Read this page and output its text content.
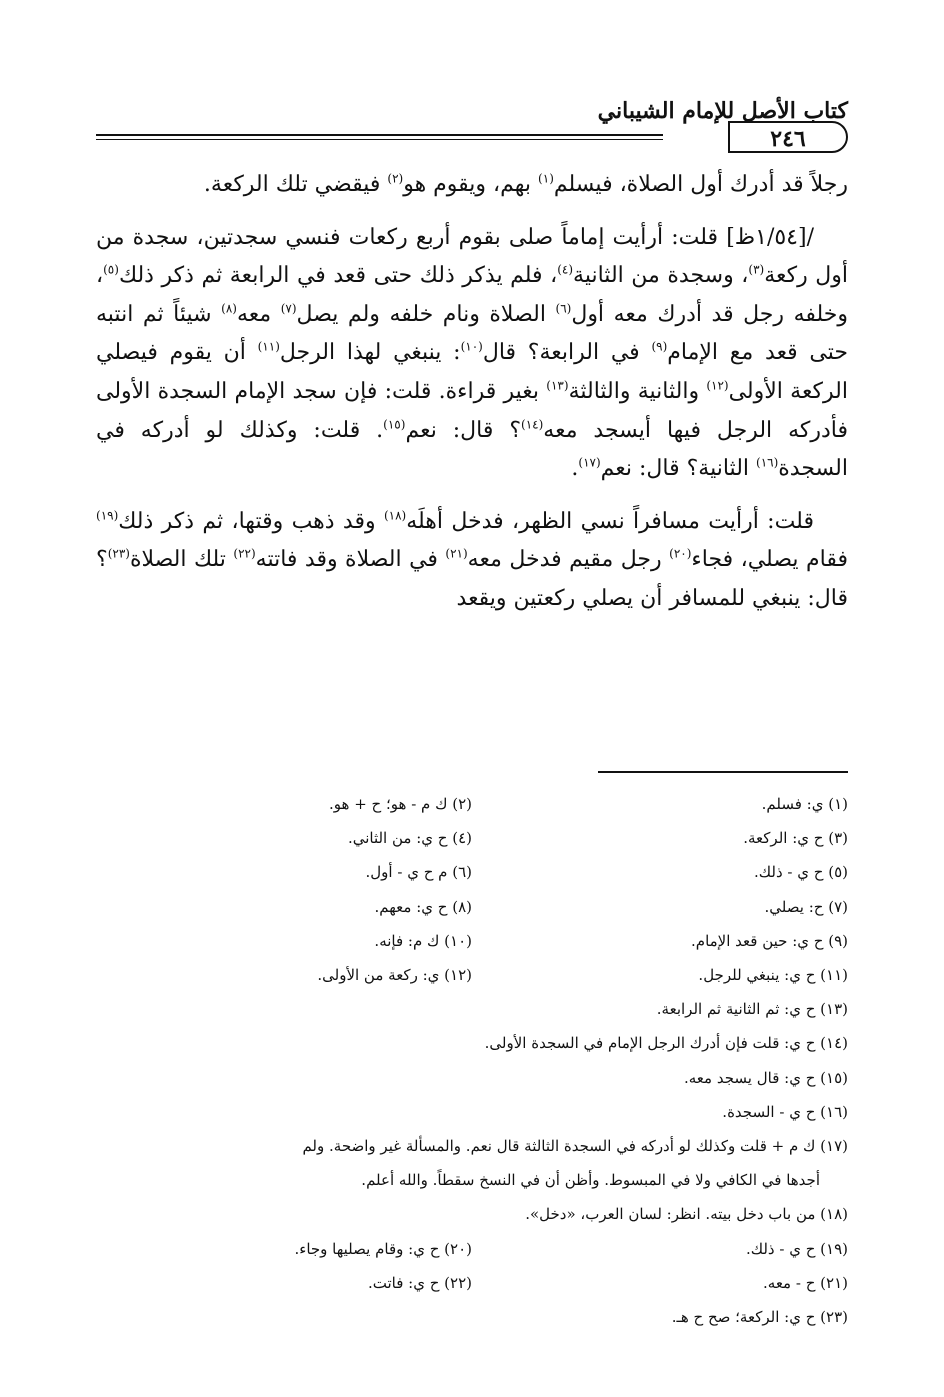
كتاب الأصل للإمام الشيباني
٢٤٦

رجلاً قد أدرك أول الصلاة، فيسلم$^{(١)}$ بهم، ويقوم هو$^{(٢)}$ فيقضي تلك الركعة.

/[١/٥٤ظ] قلت: أرأيت إماماً صلى بقوم أربع ركعات فنسي سجدتين، سجدة من أول ركعة$^{(٣)}$، وسجدة من الثانية$^{(٤)}$، فلم يذكر ذلك حتى قعد في الرابعة ثم ذكر ذلك$^{(٥)}$، وخلفه رجل قد أدرك معه أول$^{(٦)}$ الصلاة ونام خلفه ولم يصل$^{(٧)}$ معه$^{(٨)}$ شيئاً ثم انتبه حتى قعد مع الإمام$^{(٩)}$ في الرابعة؟ قال$^{(١٠)}$: ينبغي لهذا الرجل$^{(١١)}$ أن يقوم فيصلي الركعة الأولى$^{(١٢)}$ والثانية والثالثة$^{(١٣)}$ بغير قراءة. قلت: فإن سجد الإمام السجدة الأولى فأدركه الرجل فيها أيسجد معه$^{(١٤)}$؟ قال: نعم$^{(١٥)}$. قلت: وكذلك لو أدركه في السجدة$^{(١٦)}$ الثانية؟ قال: نعم$^{(١٧)}$.

قلت: أرأيت مسافراً نسي الظهر، فدخل أهلَه$^{(١٨)}$ وقد ذهب وقتها، ثم ذكر ذلك$^{(١٩)}$ فقام يصلي، فجاء$^{(٢٠)}$ رجل مقيم فدخل معه$^{(٢١)}$ في الصلاة وقد فاتته$^{(٢٢)}$ تلك الصلاة$^{(٢٣)}$؟ قال: ينبغي للمسافر أن يصلي ركعتين ويقعد

(١) ي: فسلم.
(٢) ك م - هو؛ ح + هو.
(٣) ح ي: الركعة.
(٤) ح ي: من الثاني.
(٥) ح ي - ذلك.
(٦) م ح ي - أول.
(٧) ح: يصلي.
(٨) ح ي: معهم.
(٩) ح ي: حين قعد الإمام.
(١٠) ك م: فإنه.
(١١) ح ي: ينبغي للرجل.
(١٢) ي: ركعة من الأولى.
(١٣) ح ي: ثم الثانية ثم الرابعة.
(١٤) ح ي: قلت فإن أدرك الرجل الإمام في السجدة الأولى.
(١٥) ح ي: قال يسجد معه.
(١٦) ح ي - السجدة.
(١٧) ك م + قلت وكذلك لو أدركه في السجدة الثالثة قال نعم. والمسألة غير واضحة. ولم
أجدها في الكافي ولا في المبسوط. وأظن أن في النسخ سقطاً. والله أعلم.
(١٨) من باب دخل بيته. انظر: لسان العرب، «دخل».
(١٩) ح ي - ذلك.
(٢٠) ح ي: وقام يصليها وجاء.
(٢١) ح - معه.
(٢٢) ح ي: فاتت.
(٢٣) ح ي: الركعة؛ صح ح هـ.
